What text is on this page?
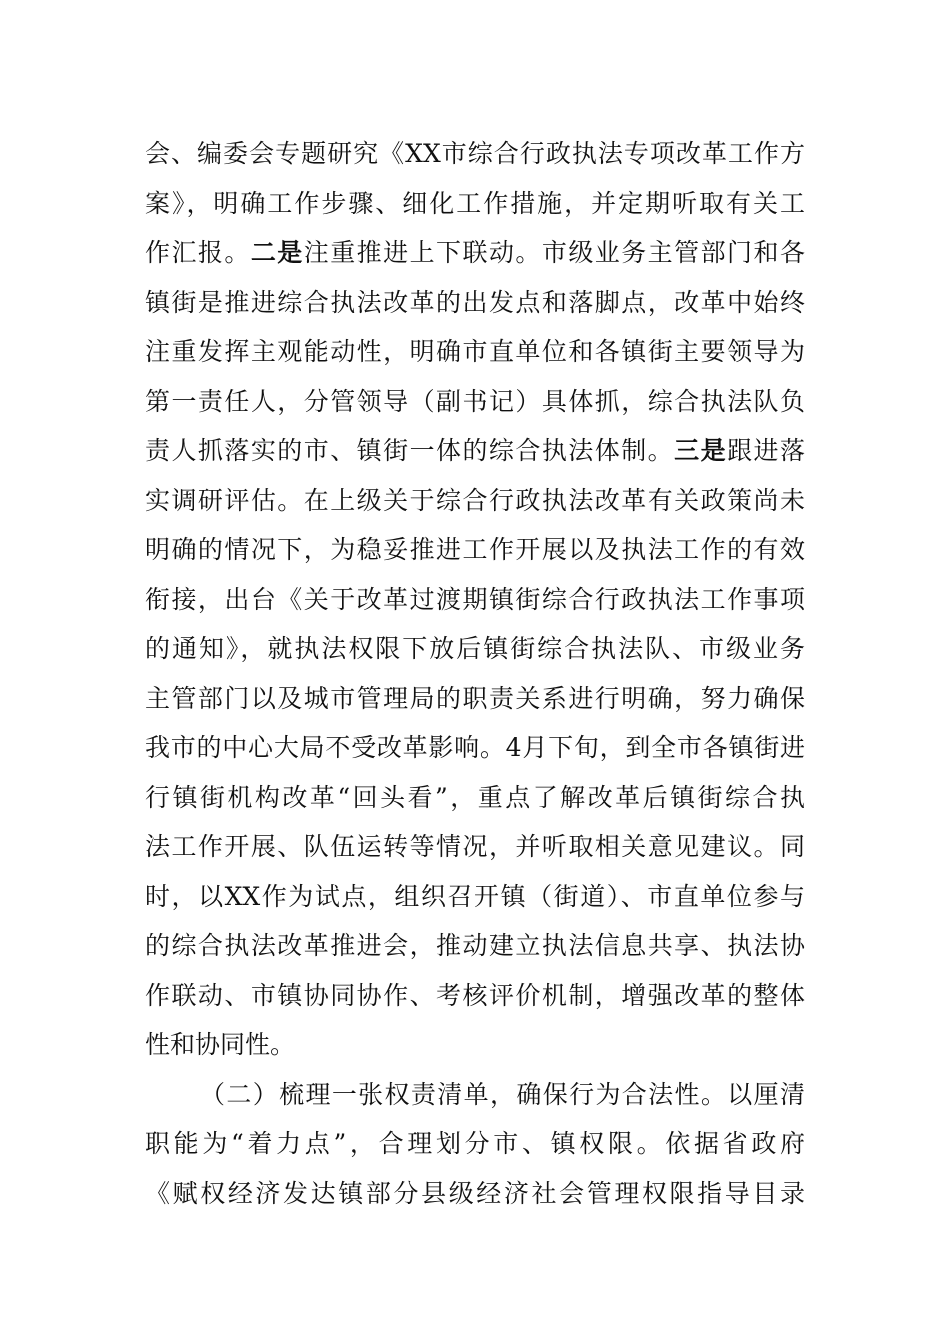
会、编委会专题研究《XX市综合行政执法专项改革工作方
案》，明确工作步骤、细化工作措施，并定期听取有关工
作汇报。二是注重推进上下联动。市级业务主管部门和各
镇街是推进综合执法改革的出发点和落脚点，改革中始终
注重发挥主观能动性，明确市直单位和各镇街主要领导为
第一责任人，分管领导（副书记）具体抓，综合执法队负
责人抓落实的市、镇街一体的综合执法体制。三是跟进落
实调研评估。在上级关于综合行政执法改革有关政策尚未
明确的情况下，为稳妥推进工作开展以及执法工作的有效
衔接，出台《关于改革过渡期镇街综合行政执法工作事项
的通知》，就执法权限下放后镇街综合执法队、市级业务
主管部门以及城市管理局的职责关系进行明确，努力确保
我市的中心大局不受改革影响。4月下旬，到全市各镇街进
行镇街机构改革“回头看”，重点了解改革后镇街综合执
法工作开展、队伍运转等情况，并听取相关意见建议。同
时，以XX作为试点，组织召开镇（街道）、市直单位参与
的综合执法改革推进会，推动建立执法信息共享、执法协
作联动、市镇协同协作、考核评价机制，增强改革的整体
性和协同性。
（二）梳理一张权责清单，确保行为合法性。以厘清
职能为“着力点”，合理划分市、镇权限。依据省政府
《赋权经济发达镇部分县级经济社会管理权限指导目录
